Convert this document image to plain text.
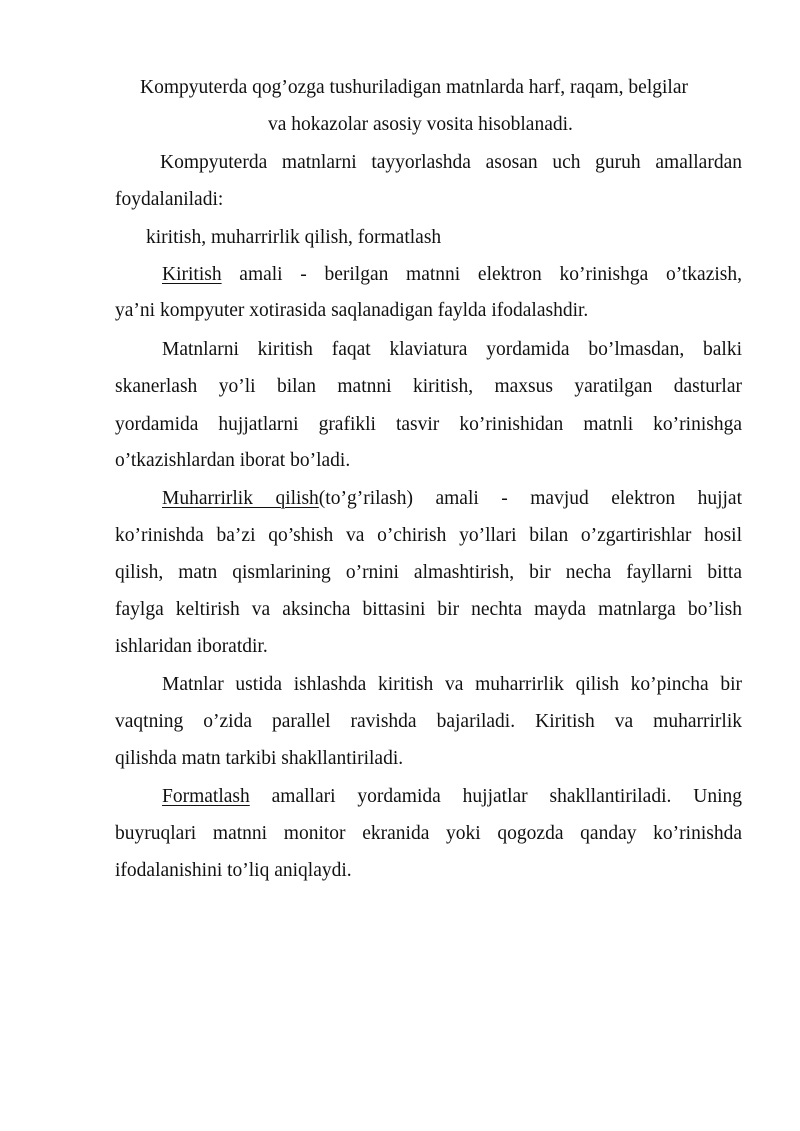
Kompyuterda qog’ozga tushuriladigan matnlarda harf, raqam, belgilar
va hokazolar asosiy vosita hisoblanadi.
Kompyuterda matnlarni tayyorlashda asosan uch guruh amallardan
foydalaniladi:
kiritish, muharrirlik qilish, formatlash
Kiritish amali - berilgan matnni elektron ko’rinishga o’tkazish,
ya’ni kompyuter xotirasida saqlanadigan faylda ifodalashdir.
Matnlarni kiritish faqat klaviatura yordamida bo’lmasdan, balki
skanerlash yo’li bilan matnni kiritish, maxsus yaratilgan dasturlar
yordamida hujjatlarni grafikli tasvir ko’rinishidan matnli ko’rinishga
o’tkazishlardan iborat bo’ladi.
Muharrirlik qilish(to’g’rilash) amali - mavjud elektron hujjat
ko’rinishda ba’zi qo’shish va o’chirish yo’llari bilan o’zgartirishlar hosil
qilish, matn qismlarining o’rnini almashtirish, bir necha fayllarni bitta
faylga keltirish va aksincha bittasini bir nechta mayda matnlarga bo’lish
ishlaridan iboratdir.
Matnlar ustida ishlashda kiritish va muharrirlik qilish ko’pincha bir
vaqtning o’zida parallel ravishda bajariladi. Kiritish va muharrirlik
qilishda matn tarkibi shakllantiriladi.
Formatlash amallari yordamida hujjatlar shakllantiriladi. Uning
buyruqlari matnni monitor ekranida yoki qogozda qanday ko’rinishda
ifodalanishini to’liq aniqlaydi.
